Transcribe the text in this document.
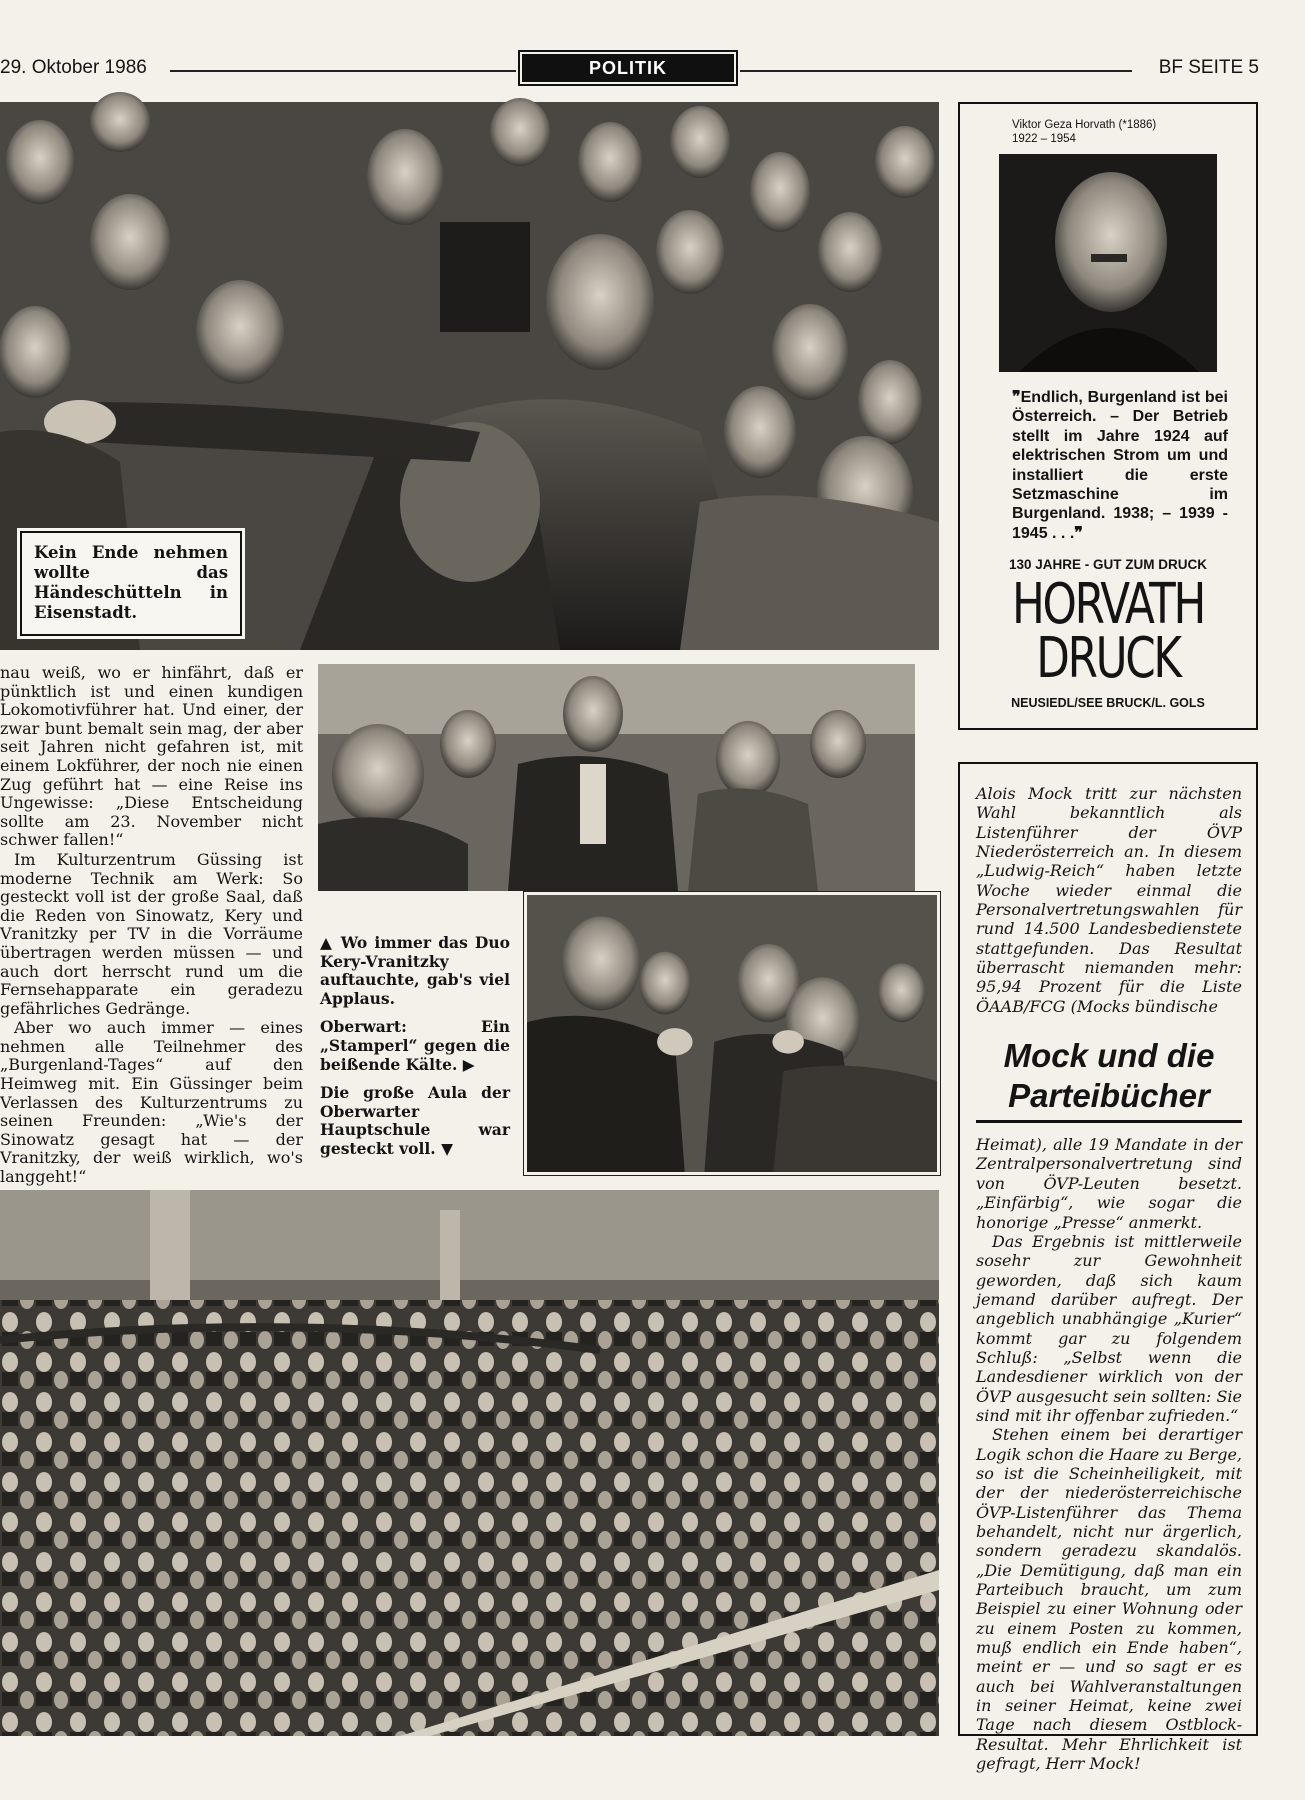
29. Oktober 1986	POLITIK	BF SEITE 5
Kein Ende nehmen wollte das Händeschütteln in Eisenstadt.

nau weiß, wo er hinfährt, daß er pünktlich ist und einen kundigen Lokomotivführer hat. Und einer, der zwar bunt bemalt sein mag, der aber seit Jahren nicht gefahren ist, mit einem Lokführer, der noch nie einen Zug geführt hat — eine Reise ins Ungewisse: „Diese Entscheidung sollte am 23. November nicht schwer fallen!“

Im Kulturzentrum Güssing ist moderne Technik am Werk: So gesteckt voll ist der große Saal, daß die Reden von Sinowatz, Kery und Vranitzky per TV in die Vorräume übertragen werden müssen — und auch dort herrscht rund um die Fernsehapparate ein geradezu gefährliches Gedränge.

Aber wo auch immer — eines nehmen alle Teilnehmer des „Burgenland-Tages“ auf den Heimweg mit. Ein Güssinger beim Verlassen des Kulturzentrums zu seinen Freunden: „Wie's der Sinowatz gesagt hat — der Vranitzky, der weiß wirklich, wo's langgeht!“

▲ Wo immer das Duo Kery-Vranitzky auftauchte, gab's viel Applaus.

Oberwart: Ein „Stamperl“ gegen die beißende Kälte. ▶

Die große Aula der Oberwarter Hauptschule war gesteckt voll. ▼

Viktor Geza Horvath (*1886)
1922 – 1954
❞Endlich, Burgenland ist bei Österreich. – Der Betrieb stellt im Jahre 1924 auf elektrischen Strom um und installiert die erste Setzmaschine im Burgenland. 1938; – 1939 - 1945 . . .❞
130 JAHRE - GUT ZUM DRUCK
HORVATH
DRUCK
NEUSIEDL/SEE BRUCK/L. GOLS
Alois Mock tritt zur nächsten Wahl bekanntlich als Listenführer der ÖVP Niederösterreich an. In diesem „Ludwig-Reich“ haben letzte Woche wieder einmal die Personalvertretungswahlen für rund 14.500 Landesbedienstete stattgefunden. Das Resultat überrascht niemanden mehr: 95,94 Prozent für die Liste ÖAAB/FCG (Mocks bündische
Mock und die
Parteibücher

Heimat), alle 19 Mandate in der Zentralpersonalvertretung sind von ÖVP-Leuten besetzt. „Einfärbig“, wie sogar die honorige „Presse“ anmerkt.

Das Ergebnis ist mittlerweile sosehr zur Gewohnheit geworden, daß sich kaum jemand darüber aufregt. Der angeblich unabhängige „Kurier“ kommt gar zu folgendem Schluß: „Selbst wenn die Landesdiener wirklich von der ÖVP ausgesucht sein sollten: Sie sind mit ihr offenbar zufrieden.“

Stehen einem bei derartiger Logik schon die Haare zu Berge, so ist die Scheinheiligkeit, mit der der niederösterreichische ÖVP-Listenführer das Thema behandelt, nicht nur ärgerlich, sondern geradezu skandalös. „Die Demütigung, daß man ein Parteibuch braucht, um zum Beispiel zu einer Wohnung oder zu einem Posten zu kommen, muß endlich ein Ende haben“, meint er — und so sagt er es auch bei Wahlveranstaltungen in seiner Heimat, keine zwei Tage nach diesem Ostblock-Resultat. Mehr Ehrlichkeit ist gefragt, Herr Mock!
